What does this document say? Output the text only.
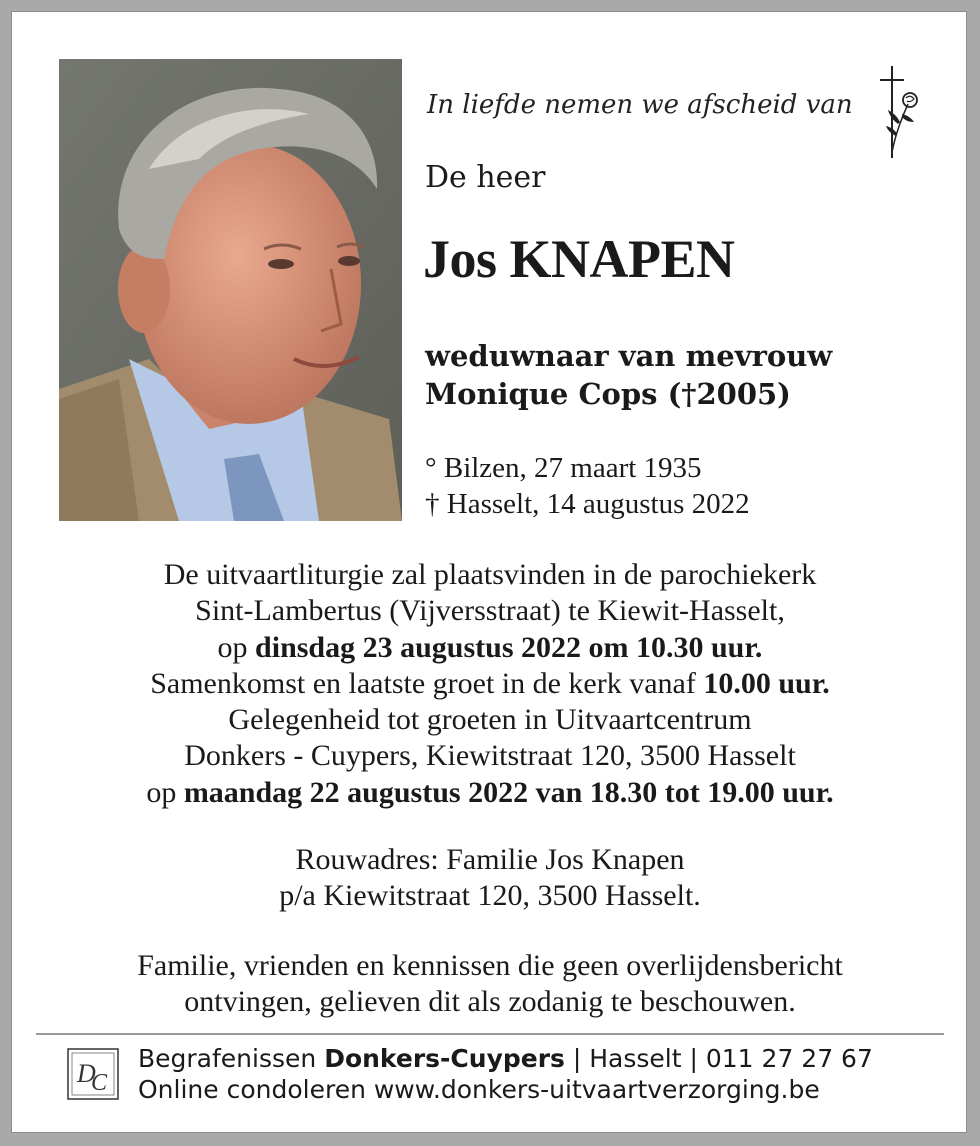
In liefde nemen we afscheid van
De heer
Jos KNAPEN
weduwnaar van mevrouw
Monique Cops (†2005)
° Bilzen, 27 maart 1935
† Hasselt, 14 augustus 2022
De uitvaartliturgie zal plaatsvinden in de parochiekerk
Sint-Lambertus (Vijversstraat) te Kiewit-Hasselt,
op dinsdag 23 augustus 2022 om 10.30 uur.
Samenkomst en laatste groet in de kerk vanaf 10.00 uur.
Gelegenheid tot groeten in Uitvaartcentrum
Donkers - Cuypers, Kiewitstraat 120, 3500 Hasselt
op maandag 22 augustus 2022 van 18.30 tot 19.00 uur.
Rouwadres: Familie Jos Knapen
p/a Kiewitstraat 120, 3500 Hasselt.
Familie, vrienden en kennissen die geen overlijdensbericht
ontvingen, gelieven dit als zodanig te beschouwen.
D
C
Begrafenissen Donkers-Cuypers | Hasselt | 011 27 27 67
Online condoleren www.donkers-uitvaartverzorging.be
